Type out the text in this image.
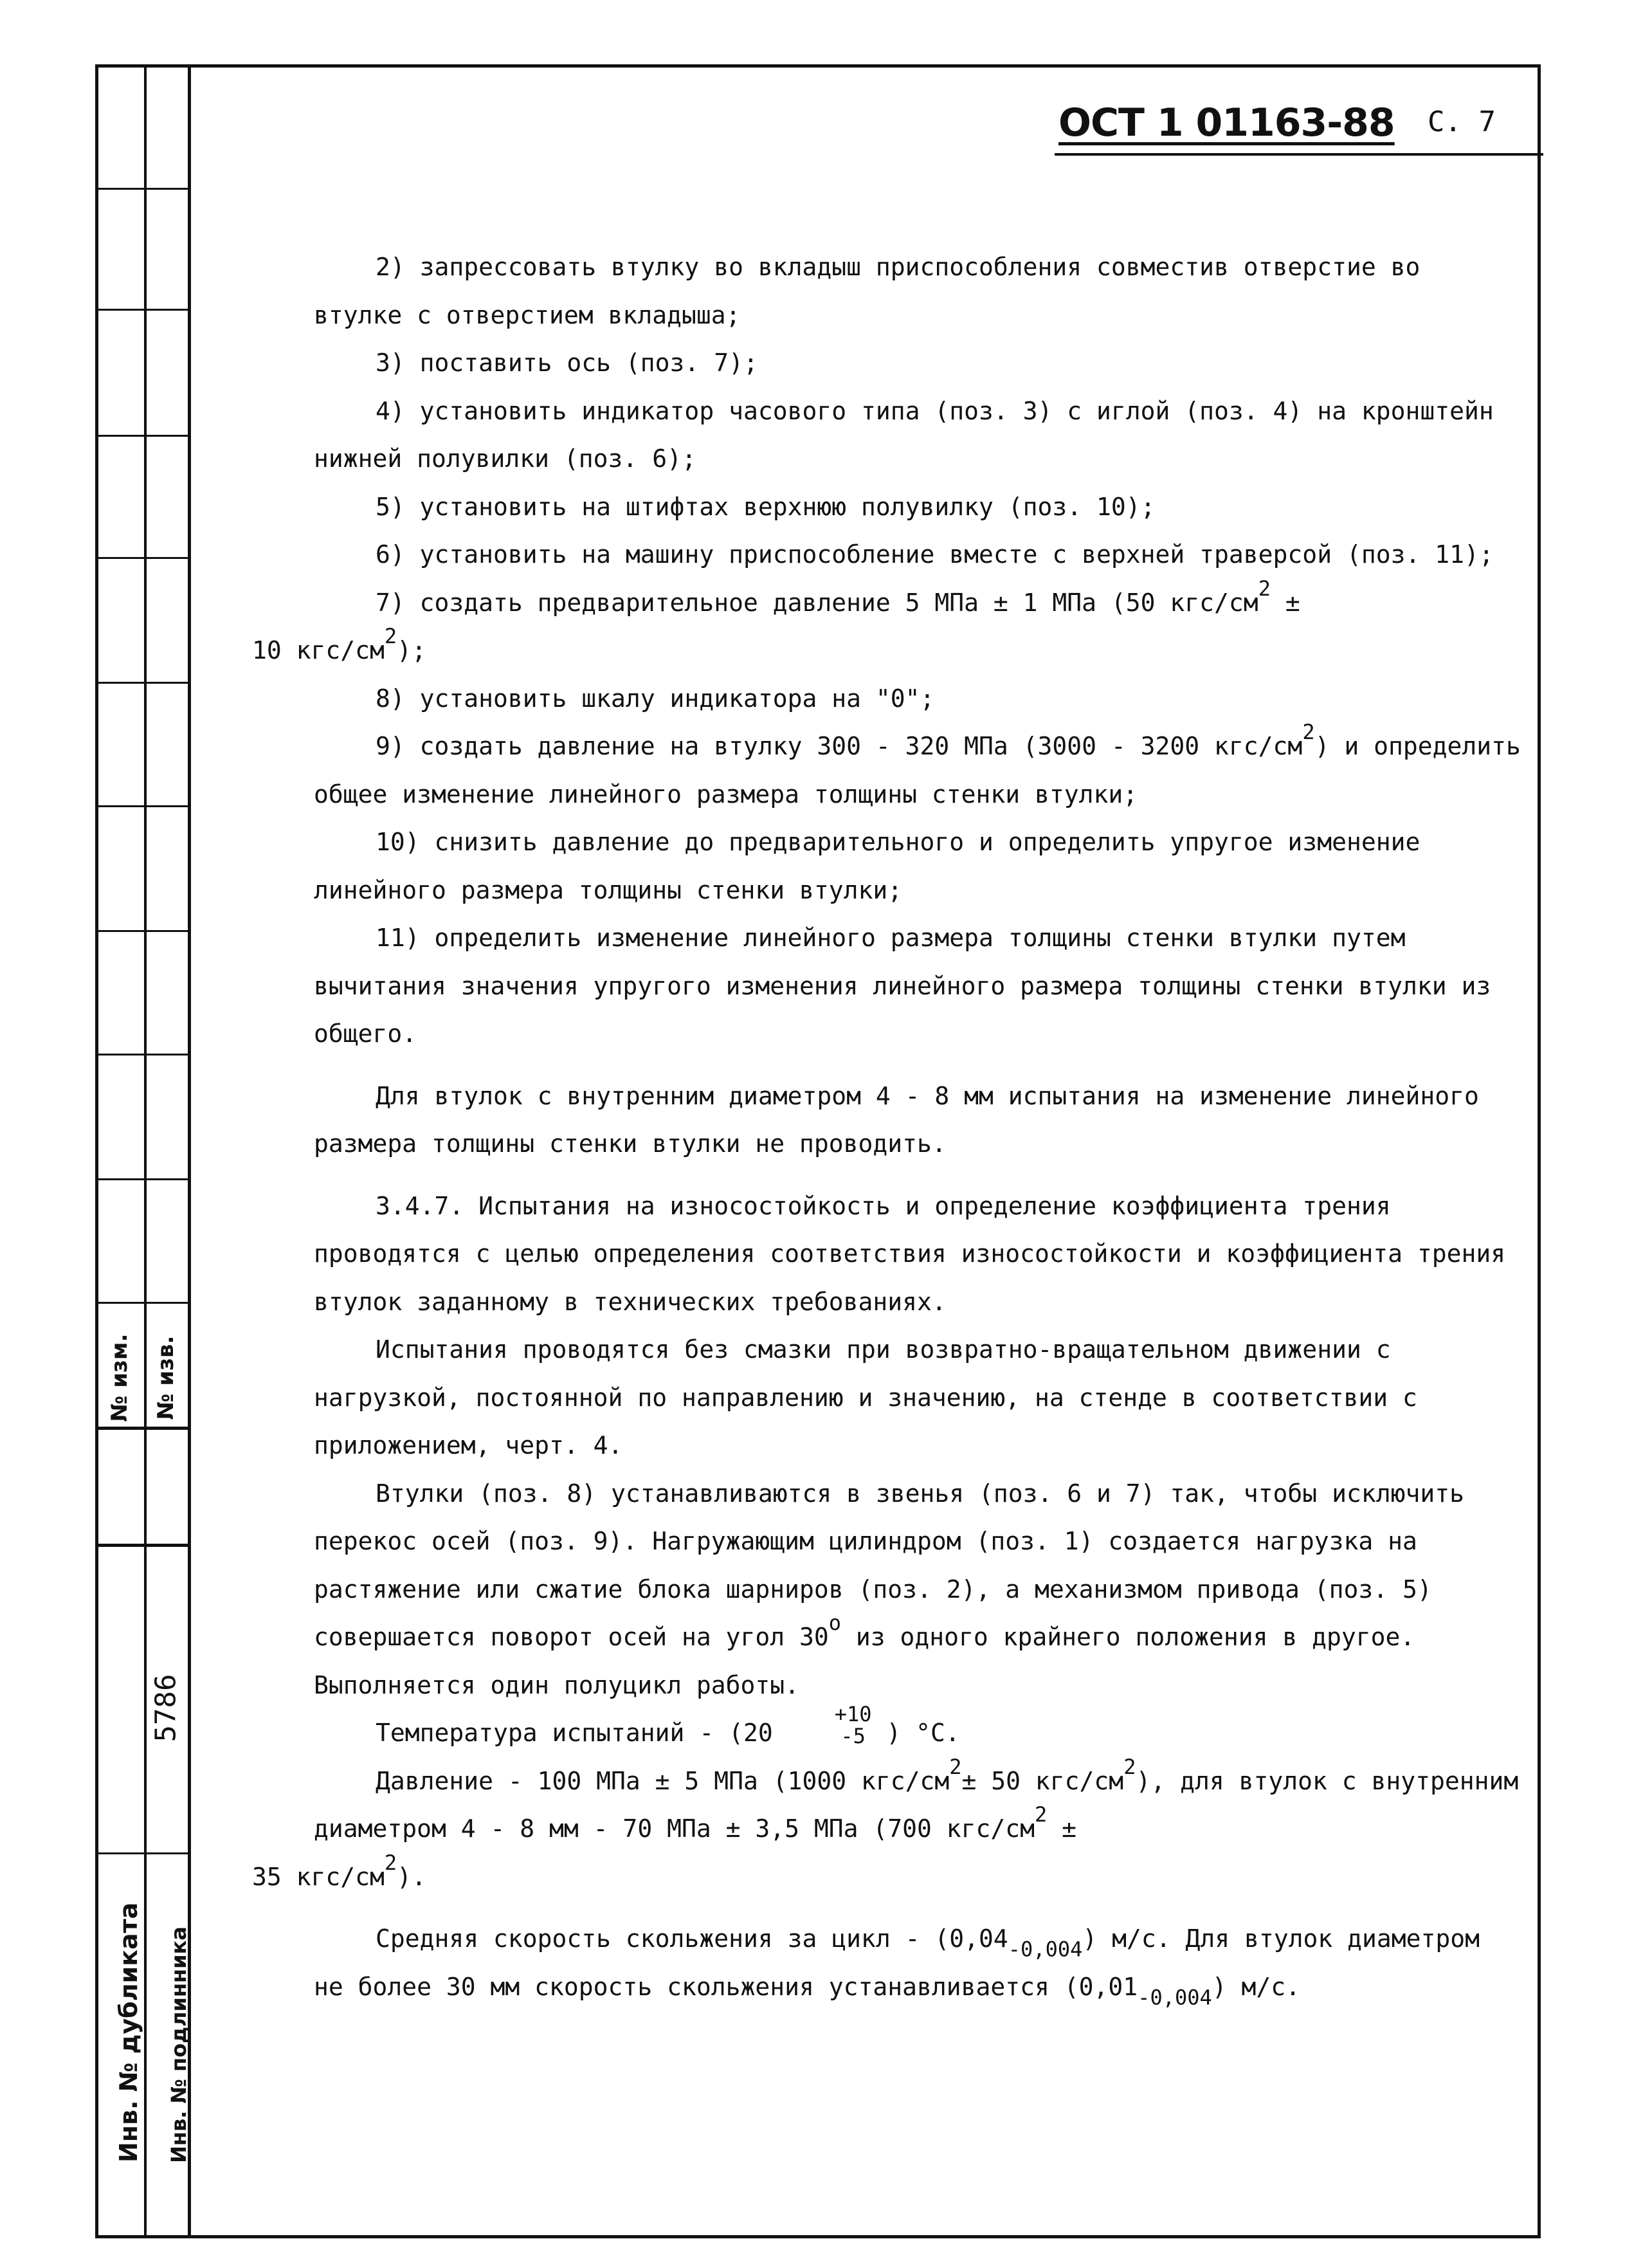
№ изм. № изв.
Инв. № дубликата Инв. № подлинника
5786
ОСТ 1 01163-88 С. 7

2) запрессовать втулку во вкладыш приспособления совместив отверстие во втулке с отверстием вкладыша;

3) поставить ось (поз. 7);

4) установить индикатор часового типа (поз. 3) с иглой (поз. 4) на кронштейн нижней полувилки (поз. 6);

5) установить на штифтах верхнюю полувилку (поз. 10);

6) установить на машину приспособление вместе с верхней траверсой (поз. 11);

7) создать предварительное давление 5 МПа ± 1 МПа (50 кгс/$см^2$ ±
10 кгс/$см^2$);

8) установить шкалу индикатора на "0";

9) создать давление на втулку 300 - 320 МПа (3000 - 3200 кгс/$см^2$) и определить общее изменение линейного размера толщины стенки втулки;

10) снизить давление до предварительного и определить упругое изменение линейного размера толщины стенки втулки;

11) определить изменение линейного размера толщины стенки втулки путем вычитания значения упругого изменения линейного размера толщины стенки втулки из общего.

Для втулок с внутренним диаметром 4 - 8 мм испытания на изменение линейного размера толщины стенки втулки не проводить.

3.4.7. Испытания на износостойкость и определение коэффициента трения проводятся с целью определения соответствия износостойкости и коэффициента трения втулок заданному в технических требованиях.

Испытания проводятся без смазки при возвратно-вращательном движении с нагрузкой, постоянной по направлению и значению, на стенде в соответствии с приложением, черт. 4.

Втулки (поз. 8) устанавливаются в звенья (поз. 6 и 7) так, чтобы исключить перекос осей (поз. 9). Нагружающим цилиндром (поз. 1) создается нагрузка на растяжение или сжатие блока шарниров (поз. 2), а механизмом привода (поз. 5) совершается поворот осей на угол $30^о$ из одного крайнего положения в другое. Выполняется один полуцикл работы.

Температура испытаний - (20
+10
-5 ) °С.

Давление - 100 МПа ± 5 МПа (1000 кгс/$см^2\pm 50$ кгс/$см^2$), для втулок с внутренним диаметром 4 - 8 мм - 70 МПа ± 3,5 МПа (700 кгс/$см^2$ ±
35 кгс/$см^2$).

Средняя скорость скольжения за цикл - $(0,04_{-0,004})$ м/с. Для втулок диаметром не более 30 мм скорость скольжения устанавливается $(0,01_{-0,004})$ м/с.
